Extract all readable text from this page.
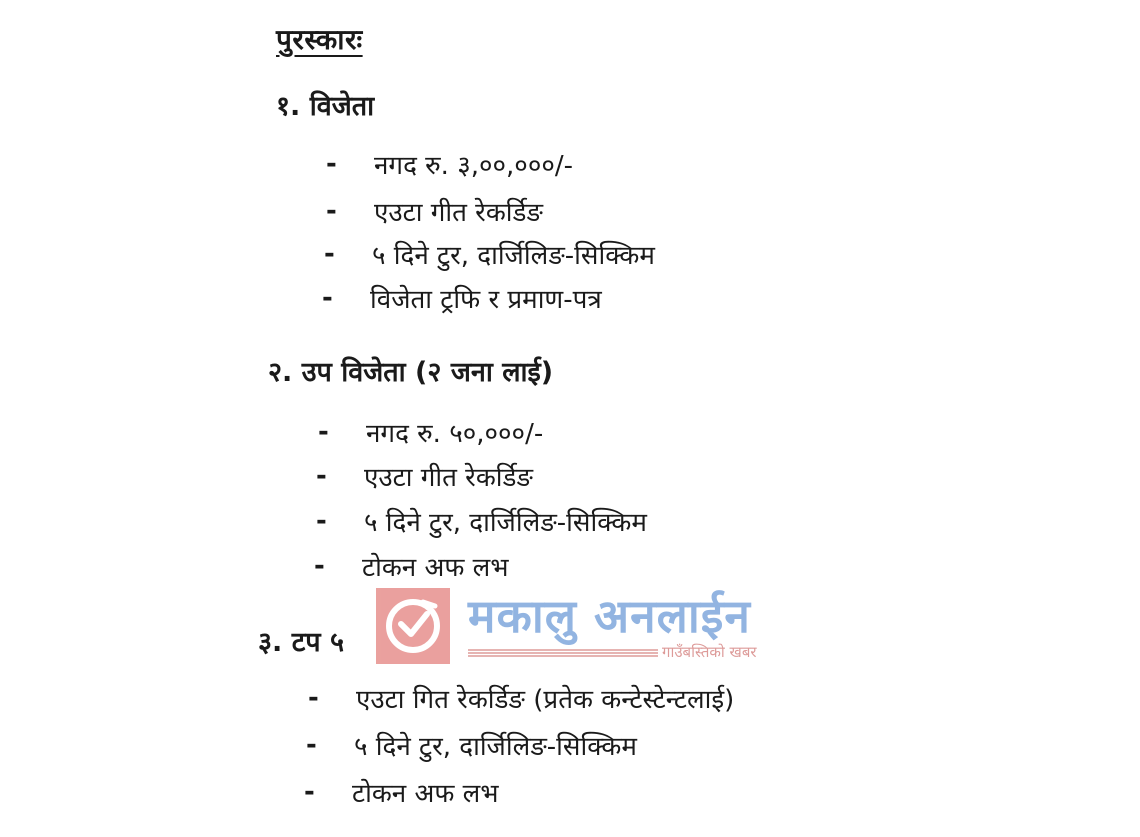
पुरस्कारः
१. विजेता
-	नगद रु. ३,००,०००/-
-	एउटा गीत रेकर्डिङ
-	५ दिने टुर, दार्जिलिङ-सिक्किम
-	विजेता ट्रफि र प्रमाण-पत्र
२. उप विजेता (२ जना लाई)
-	नगद रु. ५०,०००/-
-	एउटा गीत रेकर्डिङ
-	५ दिने टुर, दार्जिलिङ-सिक्किम
-	टोकन अफ लभ
३. टप ५
-	एउटा गित रेकर्डिङ (प्रतेक कन्टेस्टेन्टलाई)
-	५ दिने टुर, दार्जिलिङ-सिक्किम
-	टोकन अफ लभ
मकालु अनलाईन
गाउँबस्तिको खबर
